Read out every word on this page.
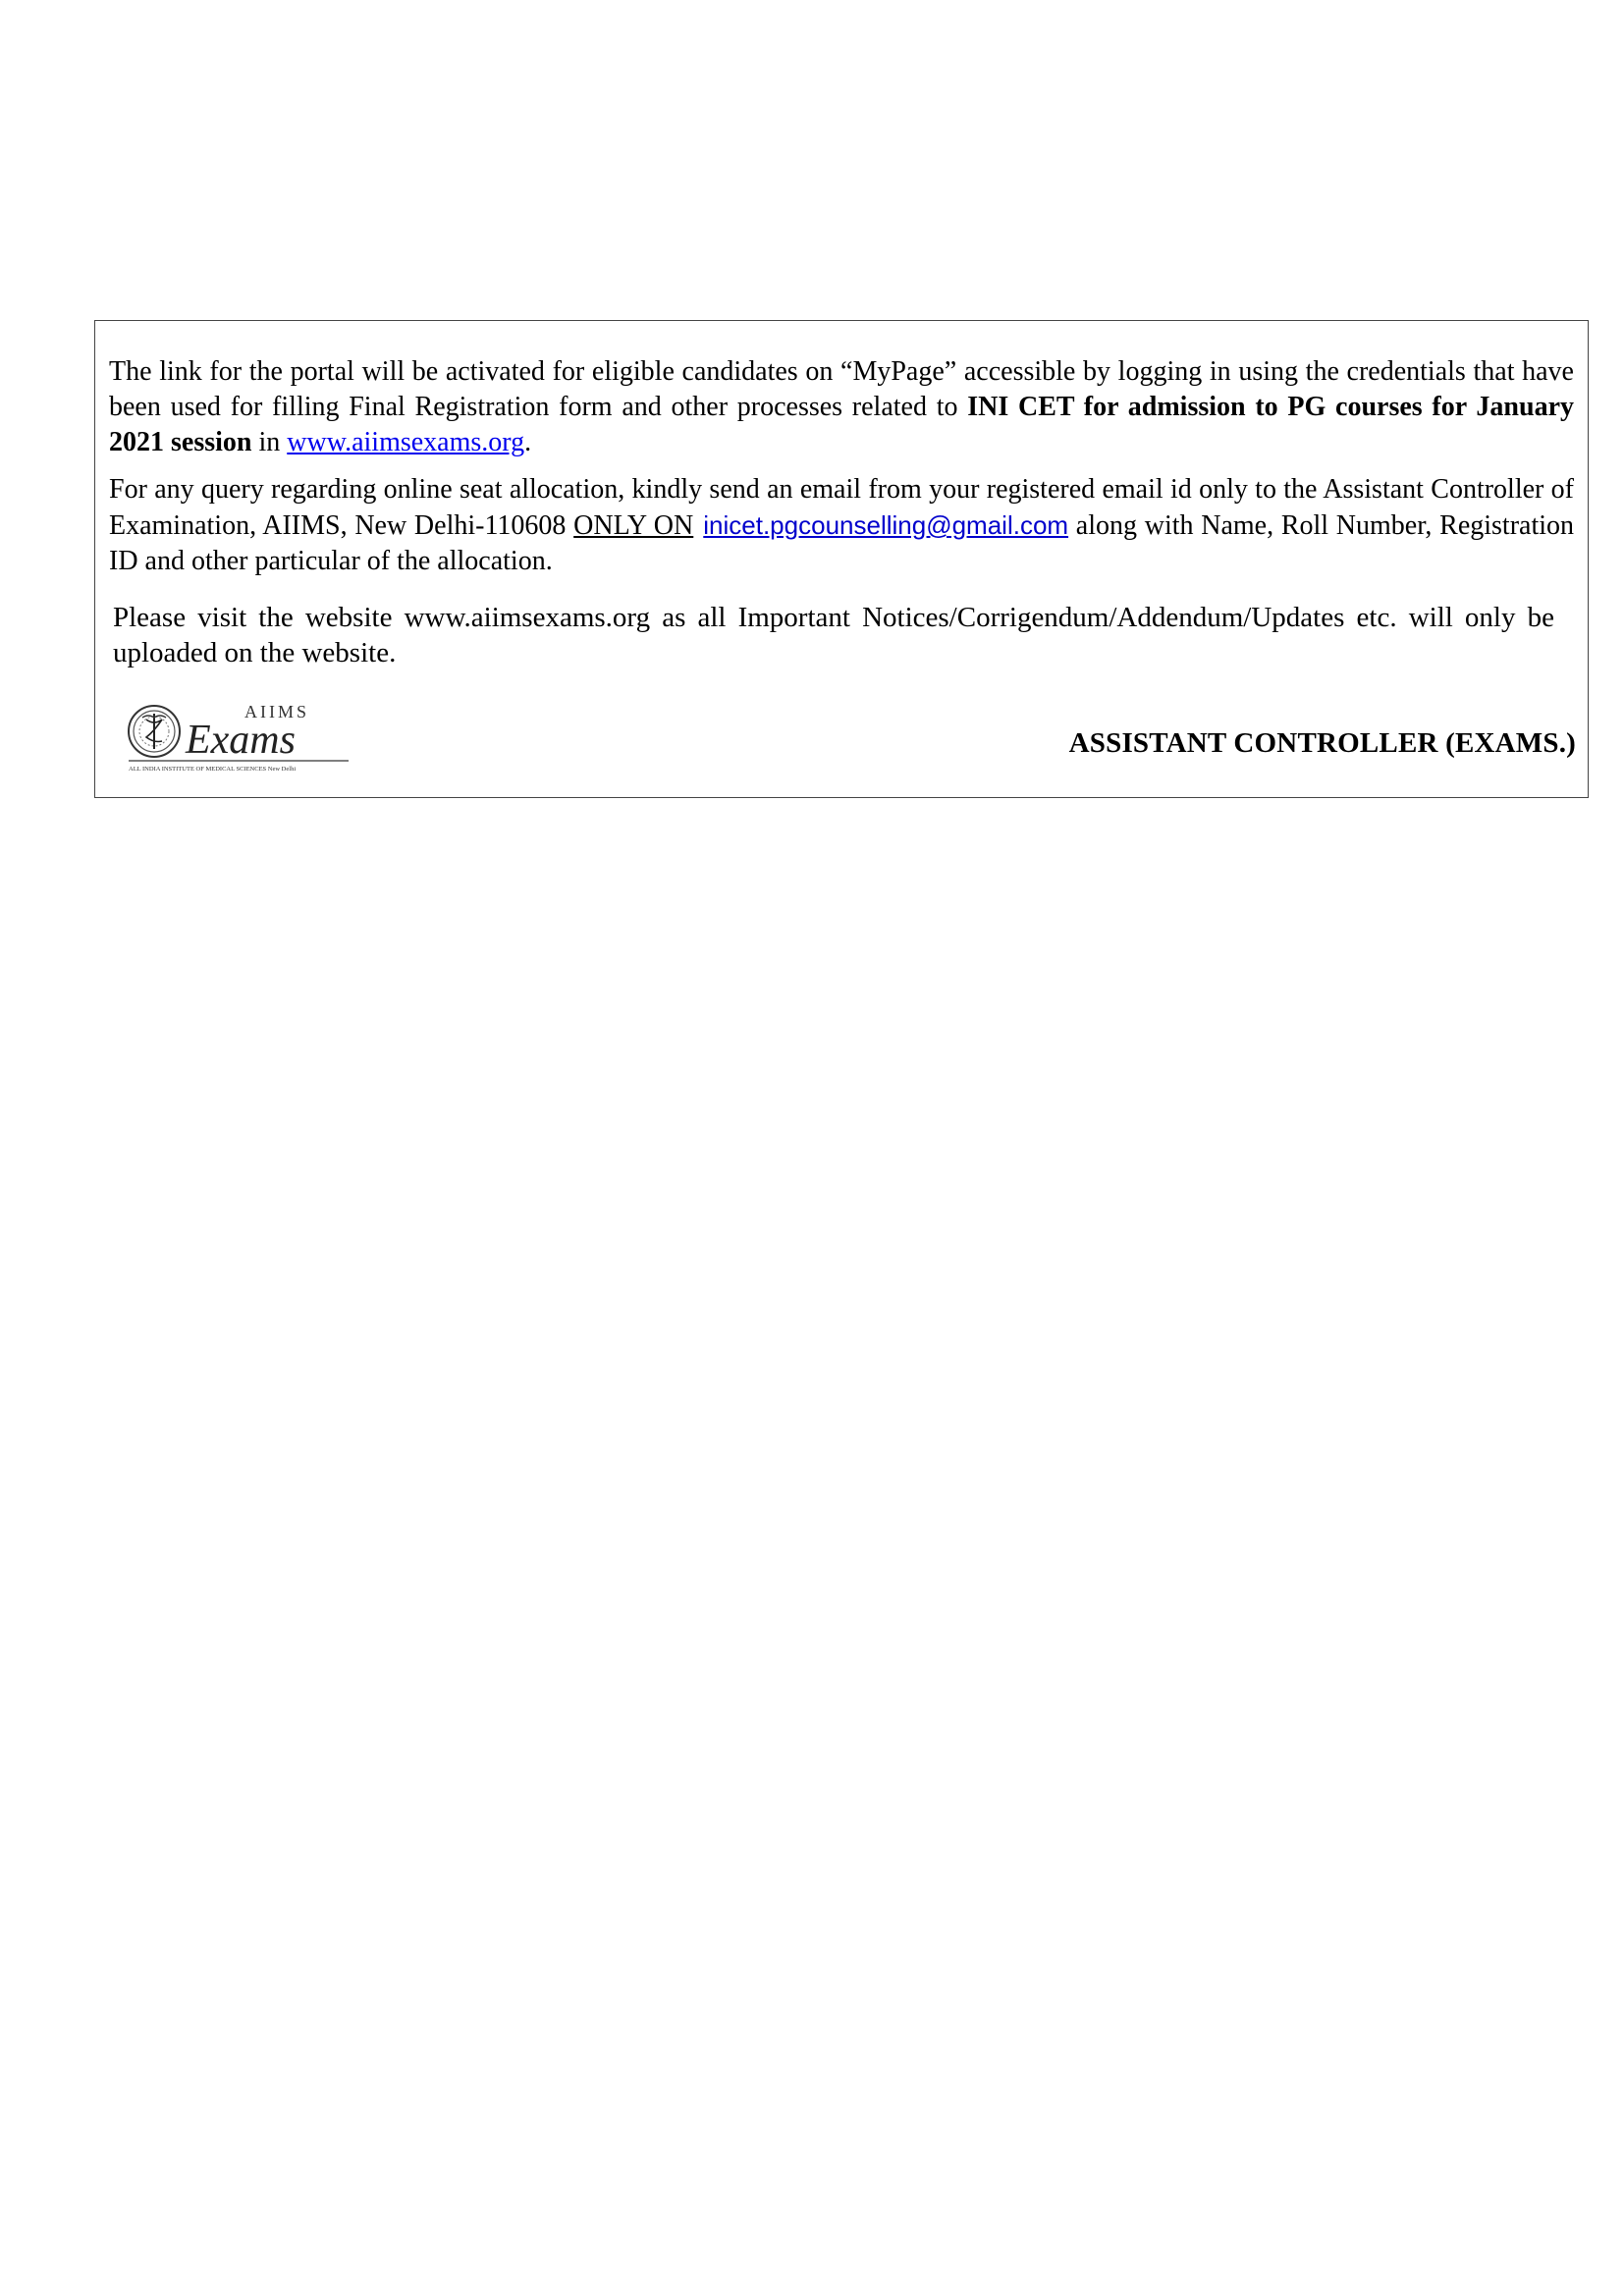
The link for the portal will be activated for eligible candidates on “MyPage” accessible by logging in using the credentials that have been used for filling Final Registration form and other processes related to INI CET for admission to PG courses for January 2021 session in www.aiimsexams.org.

For any query regarding online seat allocation, kindly send an email from your registered email id only to the Assistant Controller of Examination, AIIMS, New Delhi-110608 ONLY ON inicet.pgcounselling@gmail.com along with Name, Roll Number, Registration ID and other particular of the allocation.

Please visit the website www.aiimsexams.org as all Important Notices/Corrigendum/Addendum/Updates etc. will only be uploaded on the website.

AIIMS
Exams
ALL INDIA INSTITUTE OF MEDICAL SCIENCES New Delhi

ASSISTANT CONTROLLER (EXAMS.)
